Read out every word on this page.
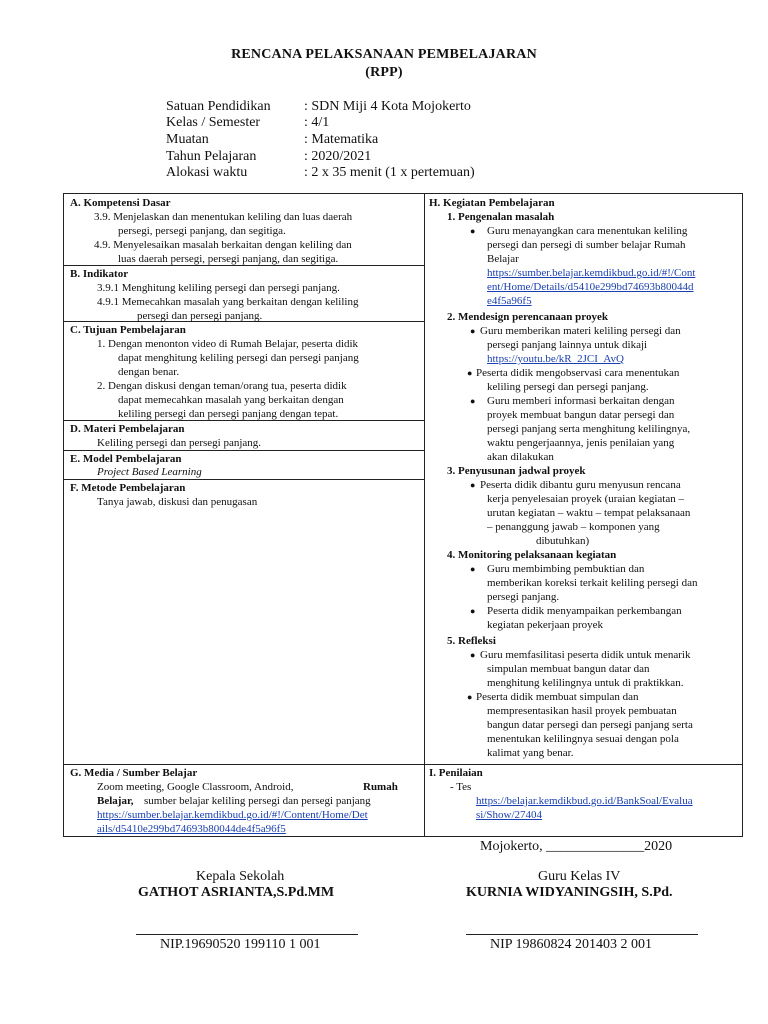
RENCANA PELAKSANAAN PEMBELAJARAN
(RPP)
Satuan Pendidikan : SDN Miji 4 Kota Mojokerto
Kelas / Semester	: 4/1
Muatan	: Matematika
Tahun Pelajaran	: 2020/2021
Alokasi waktu	: 2 x 35 menit (1 x pertemuan)
A. Kompetensi Dasar
3.9. Menjelaskan dan menentukan keliling dan luas daerah
persegi, persegi panjang, dan segitiga.
4.9. Menyelesaikan masalah berkaitan dengan keliling dan
luas daerah persegi, persegi panjang, dan segitiga.
B. Indikator
3.9.1 Menghitung keliling persegi dan persegi panjang.
4.9.1 Memecahkan masalah yang berkaitan dengan keliling
persegi dan persegi panjang.
C. Tujuan Pembelajaran
1. Dengan menonton video di Rumah Belajar, peserta didik
dapat menghitung keliling persegi dan persegi panjang
dengan benar.
2. Dengan diskusi dengan teman/orang tua, peserta didik
dapat memecahkan masalah yang berkaitan dengan
keliling persegi dan persegi panjang dengan tepat.
D. Materi Pembelajaran
Keliling persegi dan persegi panjang.
E. Model Pembelajaran
Project Based Learning
F. Metode Pembelajaran
Tanya jawab, diskusi dan penugasan
G. Media / Sumber Belajar
Zoom meeting, Google Classroom, Android,	Rumah
Belajar, sumber belajar keliling persegi dan persegi panjang
https://sumber.belajar.kemdikbud.go.id/#!/Content/Home/Det
ails/d5410e299bd74693b80044de4f5a96f5
H. Kegiatan Pembelajaran
1. Pengenalan masalah
● Guru menayangkan cara menentukan keliling
persegi dan persegi di sumber belajar Rumah
Belajar
https://sumber.belajar.kemdikbud.go.id/#!/Cont
ent/Home/Details/d5410e299bd74693b80044d
e4f5a96f5
2. Mendesign perencanaan proyek
● Guru memberikan materi keliling persegi dan
persegi panjang lainnya untuk dikaji
https://youtu.be/kR_2JCI_AvQ
● Peserta didik mengobservasi cara menentukan
keliling persegi dan persegi panjang.
● Guru memberi informasi berkaitan dengan
proyek membuat bangun datar persegi dan
persegi panjang serta menghitung kelilingnya,
waktu pengerjaannya, jenis penilaian yang
akan dilakukan
3. Penyusunan jadwal proyek
● Peserta didik dibantu guru menyusun rencana
kerja penyelesaian proyek (uraian kegiatan –
urutan kegiatan – waktu – tempat pelaksanaan
– penanggung jawab – komponen yang
dibutuhkan)
4. Monitoring pelaksanaan kegiatan
● Guru membimbing pembuktian dan
memberikan koreksi terkait keliling persegi dan
persegi panjang.
● Peserta didik menyampaikan perkembangan
kegiatan pekerjaan proyek
5. Refleksi
● Guru memfasilitasi peserta didik untuk menarik
simpulan membuat bangun datar dan
menghitung kelilingnya untuk di praktikkan.
● Peserta didik membuat simpulan dan
mempresentasikan hasil proyek pembuatan
bangun datar persegi dan persegi panjang serta
menentukan kelilingnya sesuai dengan pola
kalimat yang benar.
I. Penilaian
- Tes
https://belajar.kemdikbud.go.id/BankSoal/Evalua
si/Show/27404
Mojokerto, ______________2020
Kepala Sekolah
GATHOT ASRIANTA,S.Pd.MM
Guru Kelas IV
KURNIA WIDYANINGSIH, S.Pd.
NIP.19690520 199110 1 001	NIP 19860824 201403 2 001
